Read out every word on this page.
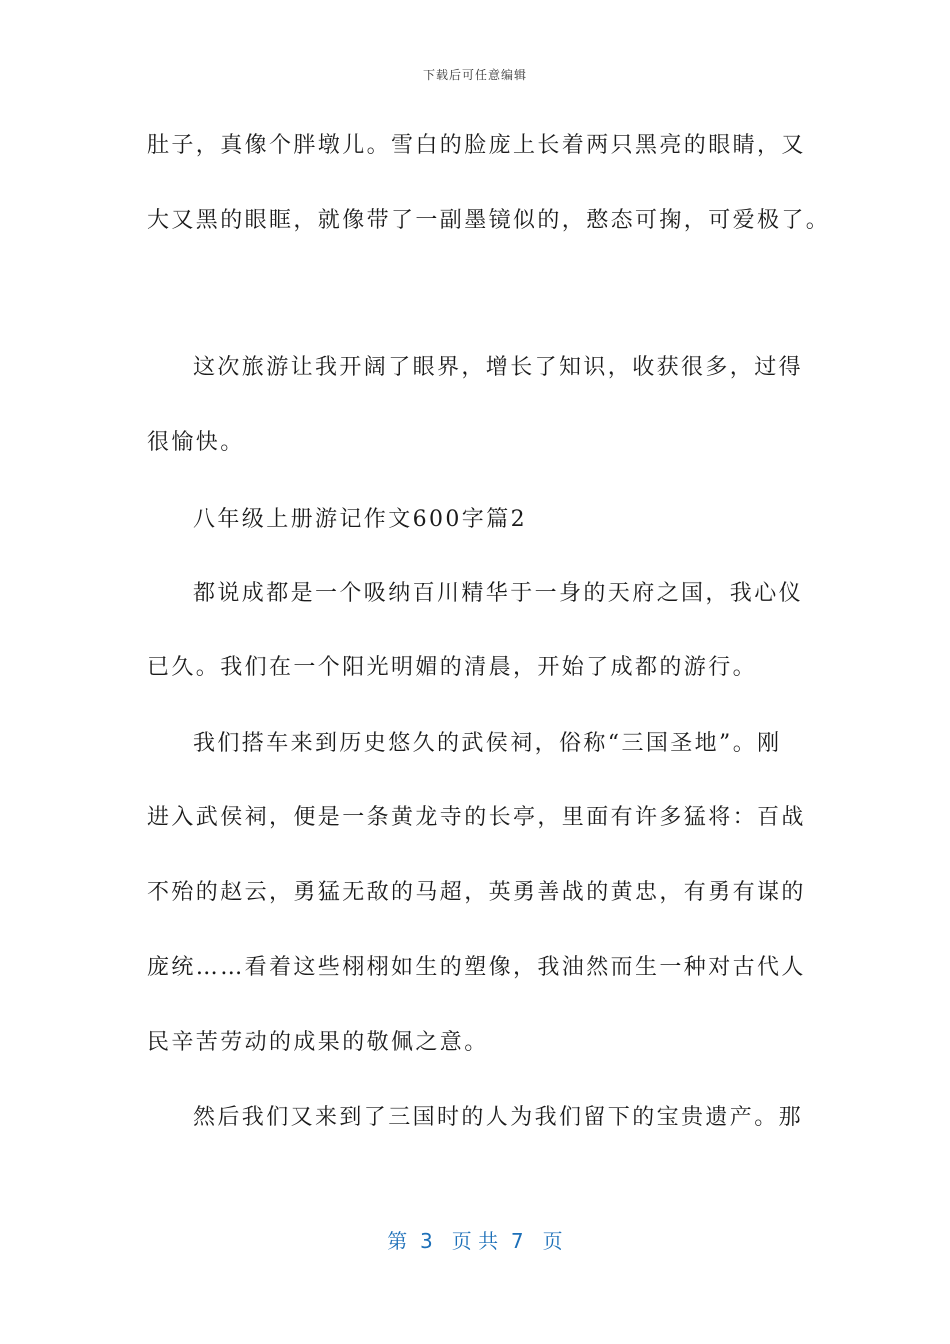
下载后可任意编辑
肚子，真像个胖墩儿。雪白的脸庞上长着两只黑亮的眼睛，又
大又黑的眼眶，就像带了一副墨镜似的，憨态可掬，可爱极了。
这次旅游让我开阔了眼界，增长了知识，收获很多，过得
很愉快。
八年级上册游记作文600字篇2
都说成都是一个吸纳百川精华于一身的天府之国，我心仪
已久。我们在一个阳光明媚的清晨，开始了成都的游行。
我们搭车来到历史悠久的武侯祠，俗称“三国圣地”。刚
进入武侯祠，便是一条黄龙寺的长亭，里面有许多猛将：百战
不殆的赵云，勇猛无敌的马超，英勇善战的黄忠，有勇有谋的
庞统……看着这些栩栩如生的塑像，我油然而生一种对古代人
民辛苦劳动的成果的敬佩之意。
然后我们又来到了三国时的人为我们留下的宝贵遗产。那
第  3   页 共  7   页
